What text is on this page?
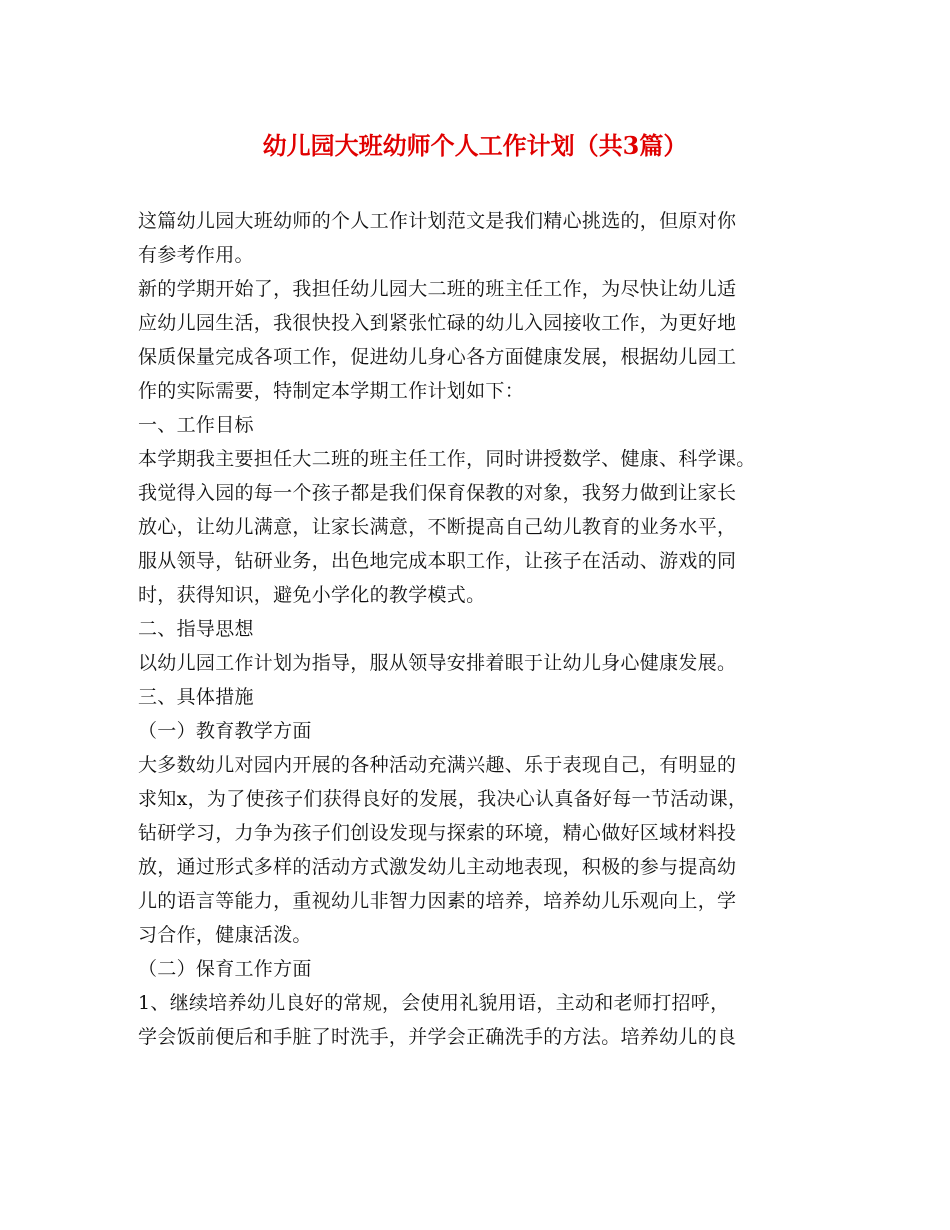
幼儿园大班幼师个人工作计划（共3篇）
这篇幼儿园大班幼师的个人工作计划范文是我们精心挑选的，但原对你
有参考作用。
新的学期开始了，我担任幼儿园大二班的班主任工作，为尽快让幼儿适
应幼儿园生活，我很快投入到紧张忙碌的幼儿入园接收工作，为更好地
保质保量完成各项工作，促进幼儿身心各方面健康发展，根据幼儿园工
作的实际需要，特制定本学期工作计划如下：
一、工作目标
本学期我主要担任大二班的班主任工作，同时讲授数学、健康、科学课。
我觉得入园的每一个孩子都是我们保育保教的对象，我努力做到让家长
放心，让幼儿满意，让家长满意，不断提高自己幼儿教育的业务水平，
服从领导，钻研业务，出色地完成本职工作，让孩子在活动、游戏的同
时，获得知识，避免小学化的教学模式。
二、指导思想
以幼儿园工作计划为指导，服从领导安排着眼于让幼儿身心健康发展。
三、具体措施
（一）教育教学方面
大多数幼儿对园内开展的各种活动充满兴趣、乐于表现自己，有明显的
求知x，为了使孩子们获得良好的发展，我决心认真备好每一节活动课，
钻研学习，力争为孩子们创设发现与探索的环境，精心做好区域材料投
放，通过形式多样的活动方式激发幼儿主动地表现，积极的参与提高幼
儿的语言等能力，重视幼儿非智力因素的培养，培养幼儿乐观向上，学
习合作，健康活泼。
（二）保育工作方面
1、继续培养幼儿良好的常规，会使用礼貌用语，主动和老师打招呼，
学会饭前便后和手脏了时洗手，并学会正确洗手的方法。培养幼儿的良
